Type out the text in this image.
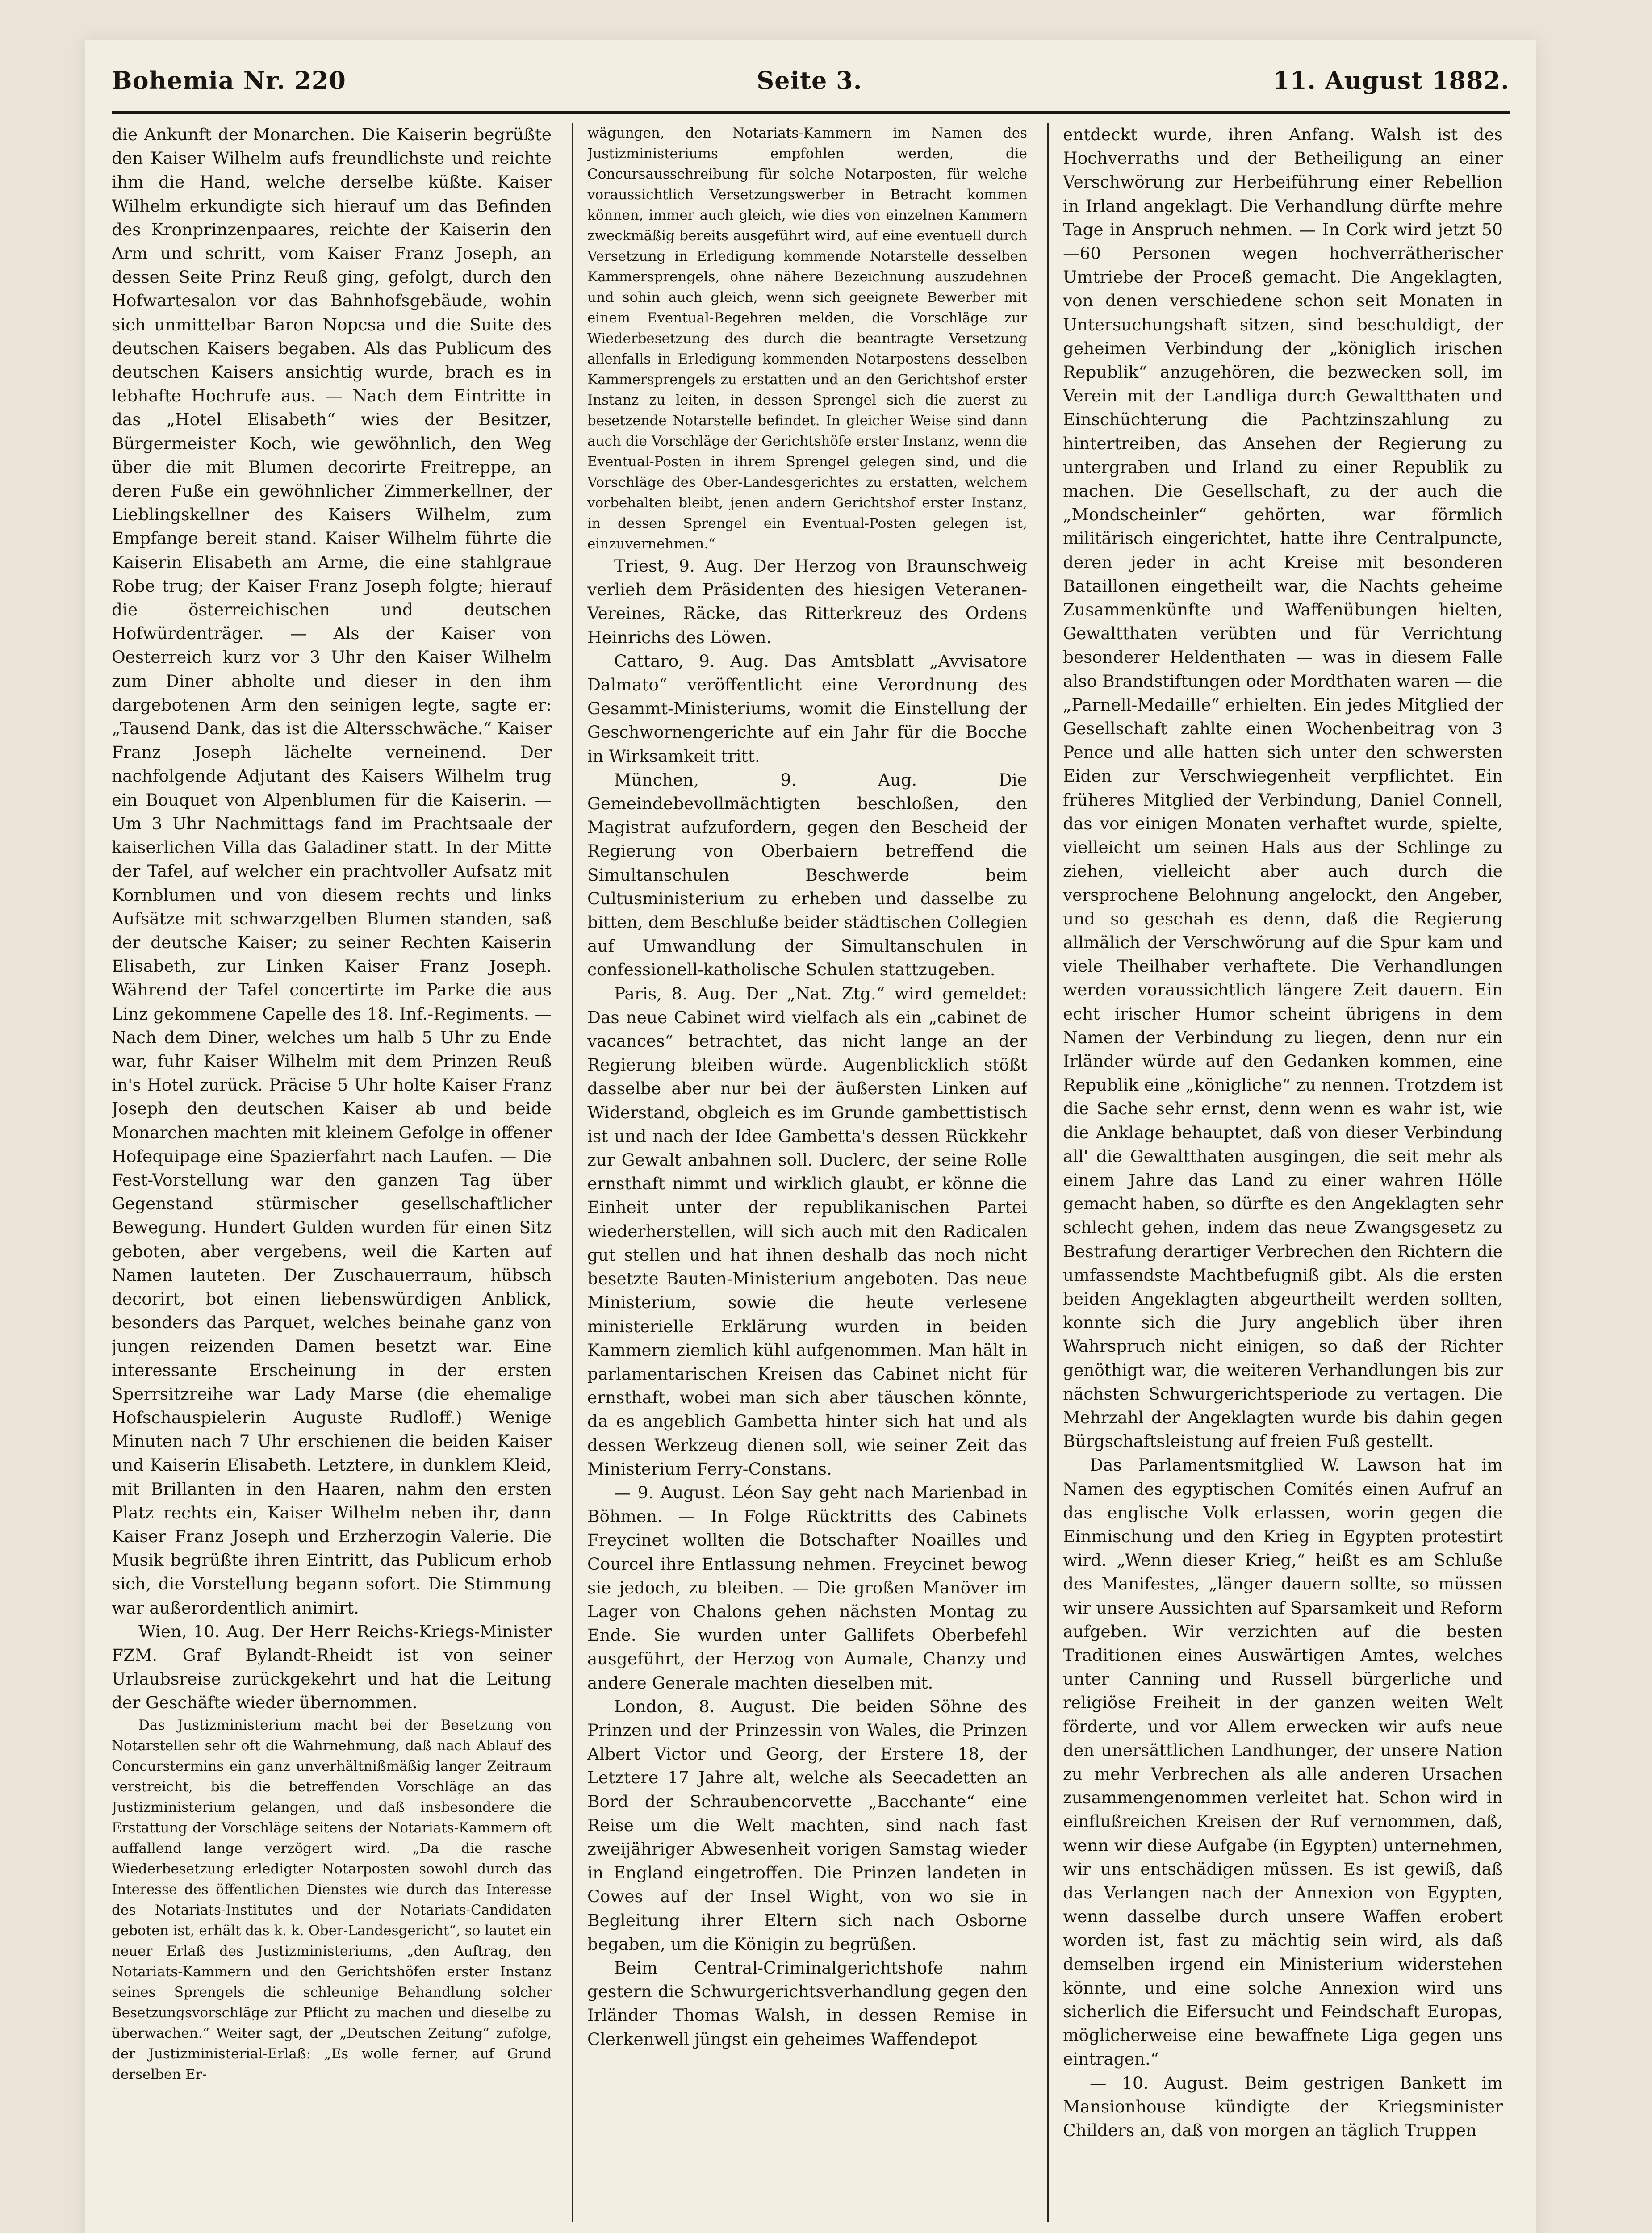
Bohemia Nr. 220	Seite 3.	11. August 1882.

die Ankunft der Monarchen. Die Kaiserin begrüßte den Kaiser Wilhelm aufs freundlichste und reichte ihm die Hand, welche derselbe küßte. Kaiser Wilhelm erkundigte sich hierauf um das Befinden des Kronprinzenpaares, reichte der Kaiserin den Arm und schritt, vom Kaiser Franz Joseph, an dessen Seite Prinz Reuß ging, gefolgt, durch den Hofwartesalon vor das Bahnhofsgebäude, wohin sich unmittelbar Baron Nopcsa und die Suite des deutschen Kaisers begaben. Als das Publicum des deutschen Kaisers ansichtig wurde, brach es in lebhafte Hochrufe aus. — Nach dem Eintritte in das „Hotel Elisabeth“ wies der Besitzer, Bürgermeister Koch, wie gewöhnlich, den Weg über die mit Blumen decorirte Freitreppe, an deren Fuße ein gewöhnlicher Zimmerkellner, der Lieblingskellner des Kaisers Wilhelm, zum Empfange bereit stand. Kaiser Wilhelm führte die Kaiserin Elisabeth am Arme, die eine stahlgraue Robe trug; der Kaiser Franz Joseph folgte; hierauf die österreichischen und deutschen Hofwürdenträger. — Als der Kaiser von Oesterreich kurz vor 3 Uhr den Kaiser Wilhelm zum Diner abholte und dieser in den ihm dargebotenen Arm den seinigen legte, sagte er: „Tausend Dank, das ist die Altersschwäche.“ Kaiser Franz Joseph lächelte verneinend. Der nachfolgende Adjutant des Kaisers Wilhelm trug ein Bouquet von Alpenblumen für die Kaiserin. — Um 3 Uhr Nachmittags fand im Prachtsaale der kaiserlichen Villa das Galadiner statt. In der Mitte der Tafel, auf welcher ein prachtvoller Aufsatz mit Kornblumen und von diesem rechts und links Aufsätze mit schwarzgelben Blumen standen, saß der deutsche Kaiser; zu seiner Rechten Kaiserin Elisabeth, zur Linken Kaiser Franz Joseph. Während der Tafel concertirte im Parke die aus Linz gekommene Capelle des 18. Inf.-Regiments. — Nach dem Diner, welches um halb 5 Uhr zu Ende war, fuhr Kaiser Wilhelm mit dem Prinzen Reuß in's Hotel zurück. Präcise 5 Uhr holte Kaiser Franz Joseph den deutschen Kaiser ab und beide Monarchen machten mit kleinem Gefolge in offener Hofequipage eine Spazierfahrt nach Laufen. — Die Fest-Vorstellung war den ganzen Tag über Gegenstand stürmischer gesellschaftlicher Bewegung. Hundert Gulden wurden für einen Sitz geboten, aber vergebens, weil die Karten auf Namen lauteten. Der Zuschauerraum, hübsch decorirt, bot einen liebenswürdigen Anblick, besonders das Parquet, welches beinahe ganz von jungen reizenden Damen besetzt war. Eine interessante Erscheinung in der ersten Sperrsitzreihe war Lady Marse (die ehemalige Hofschauspielerin Auguste Rudloff.) Wenige Minuten nach 7 Uhr erschienen die beiden Kaiser und Kaiserin Elisabeth. Letztere, in dunklem Kleid, mit Brillanten in den Haaren, nahm den ersten Platz rechts ein, Kaiser Wilhelm neben ihr, dann Kaiser Franz Joseph und Erzherzogin Valerie. Die Musik begrüßte ihren Eintritt, das Publicum erhob sich, die Vorstellung begann sofort. Die Stimmung war außerordentlich animirt.

Wien, 10. Aug. Der Herr Reichs-Kriegs-Minister FZM. Graf Bylandt-Rheidt ist von seiner Urlaubsreise zurückgekehrt und hat die Leitung der Geschäfte wieder übernommen.

Das Justizministerium macht bei der Besetzung von Notarstellen sehr oft die Wahrnehmung, daß nach Ablauf des Concurstermins ein ganz unverhältnißmäßig langer Zeitraum verstreicht, bis die betreffenden Vorschläge an das Justizministerium gelangen, und daß insbesondere die Erstattung der Vorschläge seitens der Notariats-Kammern oft auffallend lange verzögert wird. „Da die rasche Wiederbesetzung erledigter Notarposten sowohl durch das Interesse des öffentlichen Dienstes wie durch das Interesse des Notariats-Institutes und der Notariats-Candidaten geboten ist, erhält das k. k. Ober-Landesgericht“, so lautet ein neuer Erlaß des Justizministeriums, „den Auftrag, den Notariats-Kammern und den Gerichtshöfen erster Instanz seines Sprengels die schleunige Behandlung solcher Besetzungsvorschläge zur Pflicht zu machen und dieselbe zu überwachen.“ Weiter sagt, der „Deutschen Zeitung“ zufolge, der Justizministerial-Erlaß: „Es wolle ferner, auf Grund derselben Er-

wägungen, den Notariats-Kammern im Namen des Justizministeriums empfohlen werden, die Concursausschreibung für solche Notarposten, für welche voraussichtlich Versetzungswerber in Betracht kommen können, immer auch gleich, wie dies von einzelnen Kammern zweckmäßig bereits ausgeführt wird, auf eine eventuell durch Versetzung in Erledigung kommende Notarstelle desselben Kammersprengels, ohne nähere Bezeichnung auszudehnen und sohin auch gleich, wenn sich geeignete Bewerber mit einem Eventual-Begehren melden, die Vorschläge zur Wiederbesetzung des durch die beantragte Versetzung allenfalls in Erledigung kommenden Notarpostens desselben Kammersprengels zu erstatten und an den Gerichtshof erster Instanz zu leiten, in dessen Sprengel sich die zuerst zu besetzende Notarstelle befindet. In gleicher Weise sind dann auch die Vorschläge der Gerichtshöfe erster Instanz, wenn die Eventual-Posten in ihrem Sprengel gelegen sind, und die Vorschläge des Ober-Landesgerichtes zu erstatten, welchem vorbehalten bleibt, jenen andern Gerichtshof erster Instanz, in dessen Sprengel ein Eventual-Posten gelegen ist, einzuvernehmen.“

Triest, 9. Aug. Der Herzog von Braunschweig verlieh dem Präsidenten des hiesigen Veteranen-Vereines, Räcke, das Ritterkreuz des Ordens Heinrichs des Löwen.

Cattaro, 9. Aug. Das Amtsblatt „Avvisatore Dalmato“ veröffentlicht eine Verordnung des Gesammt-Ministeriums, womit die Einstellung der Geschwornengerichte auf ein Jahr für die Bocche in Wirksamkeit tritt.

München, 9. Aug. Die Gemeindebevollmächtigten beschloßen, den Magistrat aufzufordern, gegen den Bescheid der Regierung von Oberbaiern betreffend die Simultanschulen Beschwerde beim Cultusministerium zu erheben und dasselbe zu bitten, dem Beschluße beider städtischen Collegien auf Umwandlung der Simultanschulen in confessionell-katholische Schulen stattzugeben.

Paris, 8. Aug. Der „Nat. Ztg.“ wird gemeldet: Das neue Cabinet wird vielfach als ein „cabinet de vacances“ betrachtet, das nicht lange an der Regierung bleiben würde. Augenblicklich stößt dasselbe aber nur bei der äußersten Linken auf Widerstand, obgleich es im Grunde gambettistisch ist und nach der Idee Gambetta's dessen Rückkehr zur Gewalt anbahnen soll. Duclerc, der seine Rolle ernsthaft nimmt und wirklich glaubt, er könne die Einheit unter der republikanischen Partei wiederherstellen, will sich auch mit den Radicalen gut stellen und hat ihnen deshalb das noch nicht besetzte Bauten-Ministerium angeboten. Das neue Ministerium, sowie die heute verlesene ministerielle Erklärung wurden in beiden Kammern ziemlich kühl aufgenommen. Man hält in parlamentarischen Kreisen das Cabinet nicht für ernsthaft, wobei man sich aber täuschen könnte, da es angeblich Gambetta hinter sich hat und als dessen Werkzeug dienen soll, wie seiner Zeit das Ministerium Ferry-Constans.

— 9. August. Léon Say geht nach Marienbad in Böhmen. — In Folge Rücktritts des Cabinets Freycinet wollten die Botschafter Noailles und Courcel ihre Entlassung nehmen. Freycinet bewog sie jedoch, zu bleiben. — Die großen Manöver im Lager von Chalons gehen nächsten Montag zu Ende. Sie wurden unter Gallifets Oberbefehl ausgeführt, der Herzog von Aumale, Chanzy und andere Generale machten dieselben mit.

London, 8. August. Die beiden Söhne des Prinzen und der Prinzessin von Wales, die Prinzen Albert Victor und Georg, der Erstere 18, der Letztere 17 Jahre alt, welche als Seecadetten an Bord der Schraubencorvette „Bacchante“ eine Reise um die Welt machten, sind nach fast zweijähriger Abwesenheit vorigen Samstag wieder in England eingetroffen. Die Prinzen landeten in Cowes auf der Insel Wight, von wo sie in Begleitung ihrer Eltern sich nach Osborne begaben, um die Königin zu begrüßen.

Beim Central-Criminalgerichtshofe nahm gestern die Schwurgerichtsverhandlung gegen den Irländer Thomas Walsh, in dessen Remise in Clerkenwell jüngst ein geheimes Waffendepot

entdeckt wurde, ihren Anfang. Walsh ist des Hochverraths und der Betheiligung an einer Verschwörung zur Herbeiführung einer Rebellion in Irland angeklagt. Die Verhandlung dürfte mehre Tage in Anspruch nehmen. — In Cork wird jetzt 50—60 Personen wegen hochverrätherischer Umtriebe der Proceß gemacht. Die Angeklagten, von denen verschiedene schon seit Monaten in Untersuchungshaft sitzen, sind beschuldigt, der geheimen Verbindung der „königlich irischen Republik“ anzugehören, die bezwecken soll, im Verein mit der Landliga durch Gewaltthaten und Einschüchterung die Pachtzinszahlung zu hintertreiben, das Ansehen der Regierung zu untergraben und Irland zu einer Republik zu machen. Die Gesellschaft, zu der auch die „Mondscheinler“ gehörten, war förmlich militärisch eingerichtet, hatte ihre Centralpuncte, deren jeder in acht Kreise mit besonderen Bataillonen eingetheilt war, die Nachts geheime Zusammenkünfte und Waffenübungen hielten, Gewaltthaten verübten und für Verrichtung besonderer Heldenthaten — was in diesem Falle also Brandstiftungen oder Mordthaten waren — die „Parnell-Medaille“ erhielten. Ein jedes Mitglied der Gesellschaft zahlte einen Wochenbeitrag von 3 Pence und alle hatten sich unter den schwersten Eiden zur Verschwiegenheit verpflichtet. Ein früheres Mitglied der Verbindung, Daniel Connell, das vor einigen Monaten verhaftet wurde, spielte, vielleicht um seinen Hals aus der Schlinge zu ziehen, vielleicht aber auch durch die versprochene Belohnung angelockt, den Angeber, und so geschah es denn, daß die Regierung allmälich der Verschwörung auf die Spur kam und viele Theilhaber verhaftete. Die Verhandlungen werden voraussichtlich längere Zeit dauern. Ein echt irischer Humor scheint übrigens in dem Namen der Verbindung zu liegen, denn nur ein Irländer würde auf den Gedanken kommen, eine Republik eine „königliche“ zu nennen. Trotzdem ist die Sache sehr ernst, denn wenn es wahr ist, wie die Anklage behauptet, daß von dieser Verbindung all' die Gewaltthaten ausgingen, die seit mehr als einem Jahre das Land zu einer wahren Hölle gemacht haben, so dürfte es den Angeklagten sehr schlecht gehen, indem das neue Zwangsgesetz zu Bestrafung derartiger Verbrechen den Richtern die umfassendste Machtbefugniß gibt. Als die ersten beiden Angeklagten abgeurtheilt werden sollten, konnte sich die Jury angeblich über ihren Wahrspruch nicht einigen, so daß der Richter genöthigt war, die weiteren Verhandlungen bis zur nächsten Schwurgerichtsperiode zu vertagen. Die Mehrzahl der Angeklagten wurde bis dahin gegen Bürgschaftsleistung auf freien Fuß gestellt.

Das Parlamentsmitglied W. Lawson hat im Namen des egyptischen Comités einen Aufruf an das englische Volk erlassen, worin gegen die Einmischung und den Krieg in Egypten protestirt wird. „Wenn dieser Krieg,“ heißt es am Schluße des Manifestes, „länger dauern sollte, so müssen wir unsere Aussichten auf Sparsamkeit und Reform aufgeben. Wir verzichten auf die besten Traditionen eines Auswärtigen Amtes, welches unter Canning und Russell bürgerliche und religiöse Freiheit in der ganzen weiten Welt förderte, und vor Allem erwecken wir aufs neue den unersättlichen Landhunger, der unsere Nation zu mehr Verbrechen als alle anderen Ursachen zusammengenommen verleitet hat. Schon wird in einflußreichen Kreisen der Ruf vernommen, daß, wenn wir diese Aufgabe (in Egypten) unternehmen, wir uns entschädigen müssen. Es ist gewiß, daß das Verlangen nach der Annexion von Egypten, wenn dasselbe durch unsere Waffen erobert worden ist, fast zu mächtig sein wird, als daß demselben irgend ein Ministerium widerstehen könnte, und eine solche Annexion wird uns sicherlich die Eifersucht und Feindschaft Europas, möglicherweise eine bewaffnete Liga gegen uns eintragen.“

— 10. August. Beim gestrigen Bankett im Mansionhouse kündigte der Kriegsminister Childers an, daß von morgen an täglich Truppen
